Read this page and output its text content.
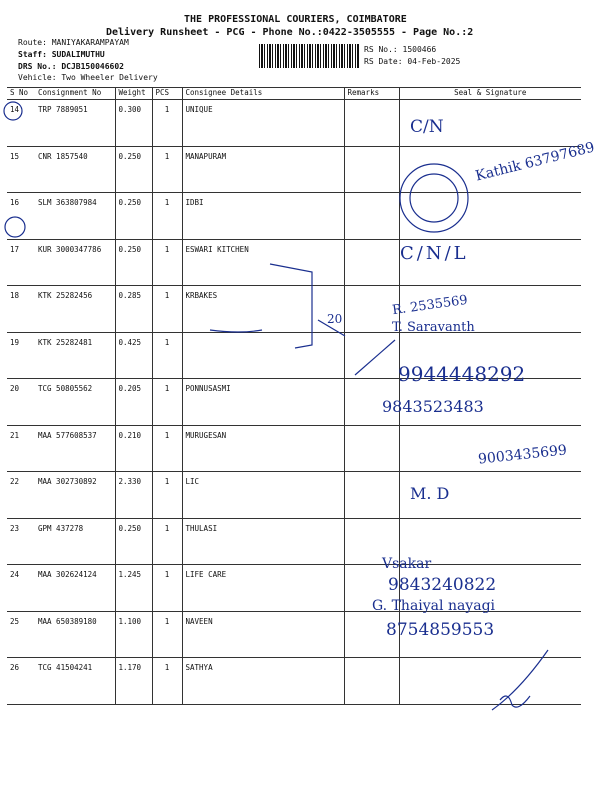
THE PROFESSIONAL COURIERS, COIMBATORE
Delivery Runsheet - PCG - Phone No.:0422-3505555 - Page No.:2
Route: MANIYAKARAMPAYAM
Staff: SUDALIMUTHU
DRS No.: DCJB150046602
Vehicle: Two Wheeler Delivery
RS No.: 1500466
RS Date: 04-Feb-2025
S No	Consignment No	Weight	PCS	Consignee Details	Remarks	Seal & Signature
14	TRP 7889051	0.300	1	UNIQUE		
15	CNR 1857540	0.250	1	MANAPURAM		
16	SLM 363807984	0.250	1	IDBI		
17	KUR 3000347786	0.250	1	ESWARI KITCHEN		
18	KTK 25282456	0.285	1	KRBAKES		
19	KTK 25282481	0.425	1			
20	TCG 50805562	0.205	1	PONNUSASMI		
21	MAA 577608537	0.210	1	MURUGESAN		
22	MAA 302730892	2.330	1	LIC		
23	GPM 437278	0.250	1	THULASI		
24	MAA 302624124	1.245	1	LIFE CARE		
25	MAA 650389180	1.100	1	NAVEEN		
26	TCG 41504241	1.170	1	SATHYA		
C/N
Kathik 63797689
C/N/L
R. 2535569
T. Saravanth
20
9944448292
9843523483
9003435699
M. D
Vsakar
9843240822
G. Thaiyal nayagi
8754859553
